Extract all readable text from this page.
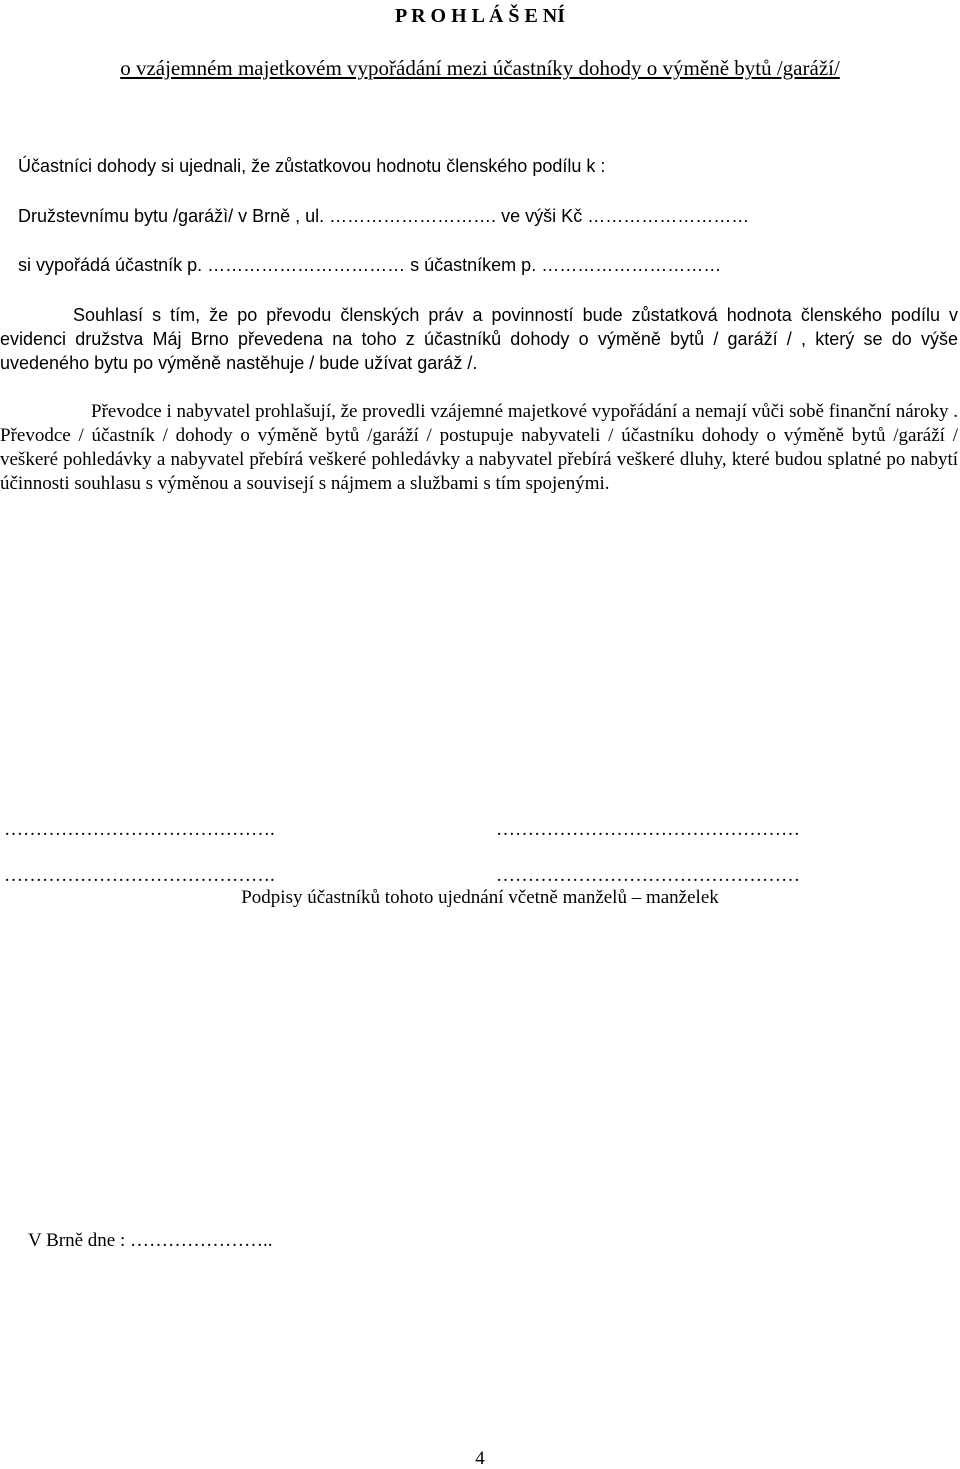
P R O H L Á Š E NÍ
o vzájemném majetkovém vypořádání mezi účastníky dohody o výměně bytů /garáží/
Účastníci dohody si ujednali, že zůstatkovou hodnotu členského podílu k :
Družstevnímu bytu /garážì/ v Brně , ul. ………………………. ve výši Kč ………………………
si vypořádá účastník p. …………………………… s účastníkem p. …………………………
Souhlasí s tím, že po převodu členských práv a povinností bude zůstatková hodnota členského podílu v evidenci družstva Máj Brno převedena na toho z účastníků dohody o výměně bytů / garáží / , který se do výše uvedeného bytu po výměně nastěhuje / bude užívat garáž /.
Převodce i nabyvatel prohlašují, že provedli vzájemné majetkové vypořádání a nemají vůči sobě finanční nároky . Převodce / účastník / dohody o výměně bytů /garáží / postupuje nabyvateli / účastníku dohody o výměně bytů /garáží / veškeré pohledávky a nabyvatel přebírá veškeré pohledávky a nabyvatel přebírá veškeré dluhy, které budou splatné po nabytí účinnosti souhlasu s výměnou a souvisejí s nájmem a službami s tím spojenými.
…………………………………….	…………………………………………
…………………………………….	…………………………………………
Podpisy účastníků tohoto ujednání včetně manželů – manželek
V Brně dne : …………………..
4
